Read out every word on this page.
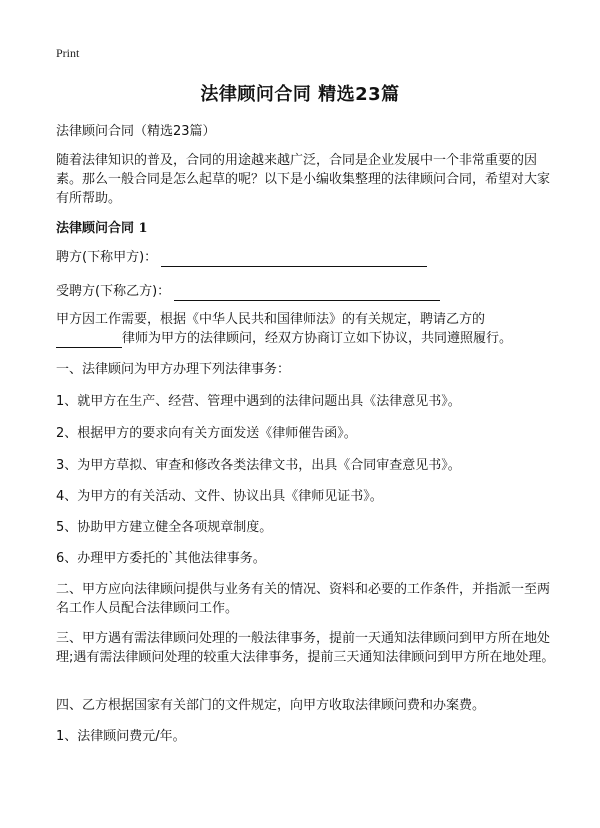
Print
法律顾问合同 精选23篇

法律顾问合同（精选23篇）

随着法律知识的普及，合同的用途越来越广泛，合同是企业发展中一个非常重要的因素。那么一般合同是怎么起草的呢？以下是小编收集整理的法律顾问合同，希望对大家有所帮助。

法律顾问合同 1
聘方(下称甲方)：
受聘方(下称乙方)：
甲方因工作需要，根据《中华人民共和国律师法》的有关规定，聘请乙方的
律师为甲方的法律顾问，经双方协商订立如下协议，共同遵照履行。

一、法律顾问为甲方办理下列法律事务：

1、就甲方在生产、经营、管理中遇到的法律问题出具《法律意见书》。

2、根据甲方的要求向有关方面发送《律师催告函》。

3、为甲方草拟、审查和修改各类法律文书，出具《合同审查意见书》。

4、为甲方的有关活动、文件、协议出具《律师见证书》。

5、协助甲方建立健全各项规章制度。

6、办理甲方委托的`其他法律事务。

二、甲方应向法律顾问提供与业务有关的情况、资料和必要的工作条件，并指派一至两名工作人员配合法律顾问工作。

三、甲方遇有需法律顾问处理的一般法律事务，提前一天通知法律顾问到甲方所在地处理;遇有需法律顾问处理的较重大法律事务，提前三天通知法律顾问到甲方所在地处理。

四、乙方根据国家有关部门的文件规定，向甲方收取法律顾问费和办案费。

1、法律顾问费元/年。
